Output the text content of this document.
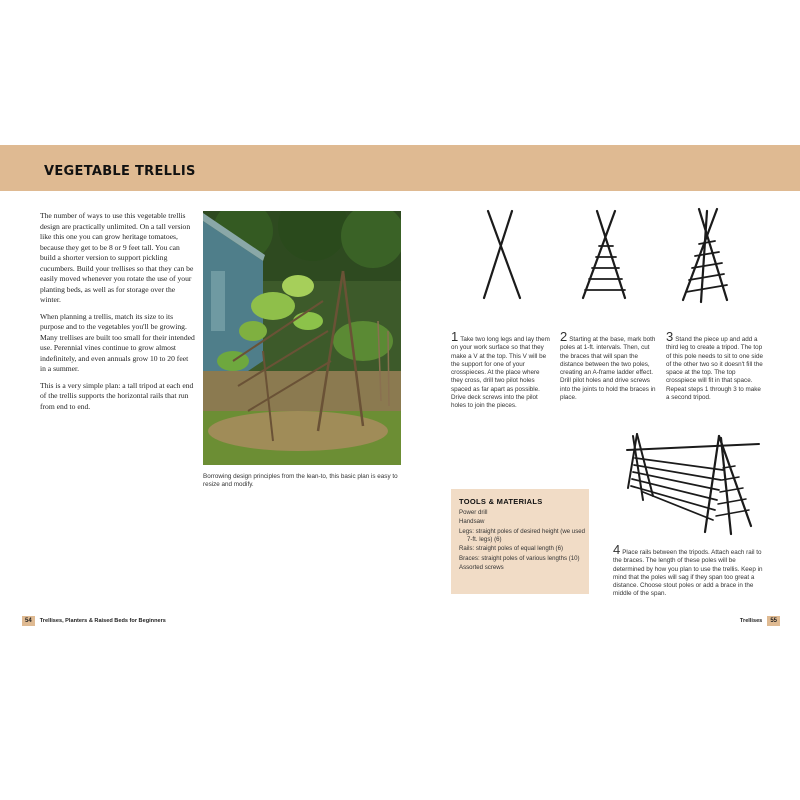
VEGETABLE TRELLIS

The number of ways to use this vegetable trellis design are practically unlimited. On a tall version like this one you can grow heritage tomatoes, because they get to be 8 or 9 feet tall. You can build a shorter version to support pickling cucumbers. Build your trellises so that they can be easily moved whenever you rotate the use of your planting beds, as well as for storage over the winter.

When planning a trellis, match its size to its purpose and to the vegetables you'll be growing. Many trellises are built too small for their intended use. Perennial vines continue to grow almost indefinitely, and even annuals grow 10 to 20 feet in a summer.

This is a very simple plan: a tall tripod at each end of the trellis supports the horizontal rails that run from end to end.

Borrowing design principles from the lean-to, this basic plan is easy to resize and modify.
1 Take two long legs and lay them on your work surface so that they make a V at the top. This V will be the support for one of your crosspieces. At the place where they cross, drill two pilot holes spaced as far apart as possible. Drive deck screws into the pilot holes to join the pieces.
2 Starting at the base, mark both poles at 1-ft. intervals. Then, cut the braces that will span the distance between the two poles, creating an A-frame ladder effect. Drill pilot holes and drive screws into the joints to hold the braces in place.
3 Stand the piece up and add a third leg to create a tripod. The top of this pole needs to sit to one side of the other two so it doesn't fill the space at the top. The top crosspiece will fit in that space. Repeat steps 1 through 3 to make a second tripod.
4 Place rails between the tripods. Attach each rail to the braces. The length of these poles will be determined by how you plan to use the trellis. Keep in mind that the poles will sag if they span too great a distance. Choose stout poles or add a brace in the middle of the span.
TOOLS & MATERIALS
Power drill
Handsaw
Legs: straight poles of desired height (we used 7-ft. legs) (6)
Rails: straight poles of equal length (6)
Braces: straight poles of various lengths (10)
Assorted screws
54	Trellises, Planters & Raised Beds for Beginners	Trellises	55
